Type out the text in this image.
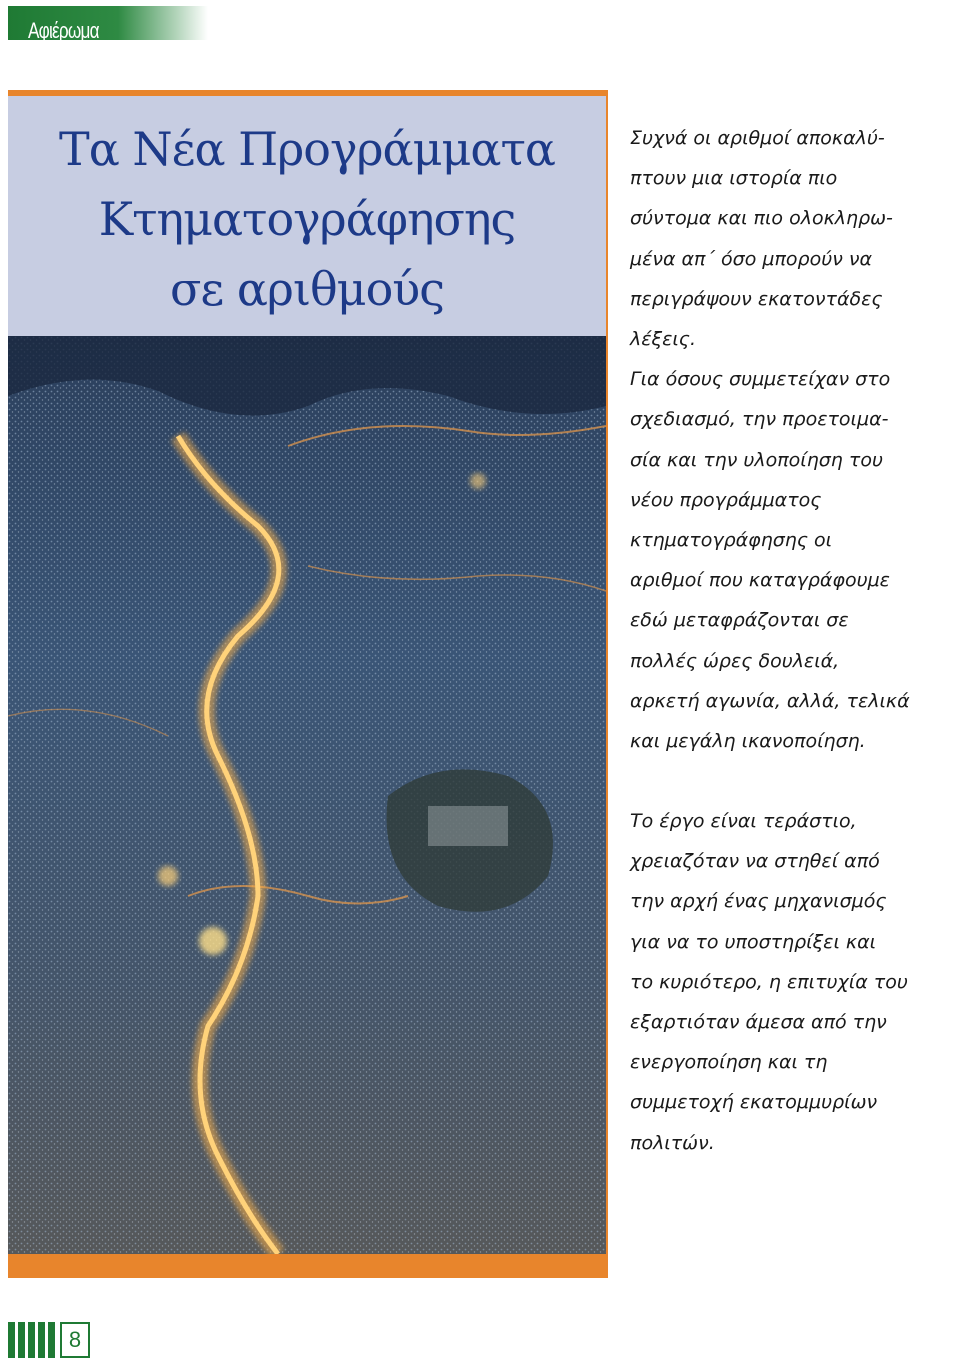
Αφιέρωμα
Τα Νέα Προγράμματα
Κτηματογράφησης
σε αριθμούς
Συχνά οι αριθμοί αποκαλύ-
πτουν μια ιστορία πιο
σύντομα και πιο ολοκληρω-
μένα απ΄ όσο μπορούν να
περιγράψουν εκατοντάδες
λέξεις.
Για όσους συμμετείχαν στο
σχεδιασμό, την προετοιμα-
σία και την υλοποίηση του
νέου προγράμματος
κτηματογράφησης οι
αριθμοί που καταγράφουμε
εδώ μεταφράζονται σε
πολλές ώρες δουλειά,
αρκετή αγωνία, αλλά, τελικά
και μεγάλη ικανοποίηση.
Το έργο είναι τεράστιο,
χρειαζόταν να στηθεί από
την αρχή ένας μηχανισμός
για να το υποστηρίξει και
το κυριότερο, η επιτυχία του
εξαρτιόταν άμεσα από την
ενεργοποίηση και τη
συμμετοχή εκατομμυρίων
πολιτών.
8
